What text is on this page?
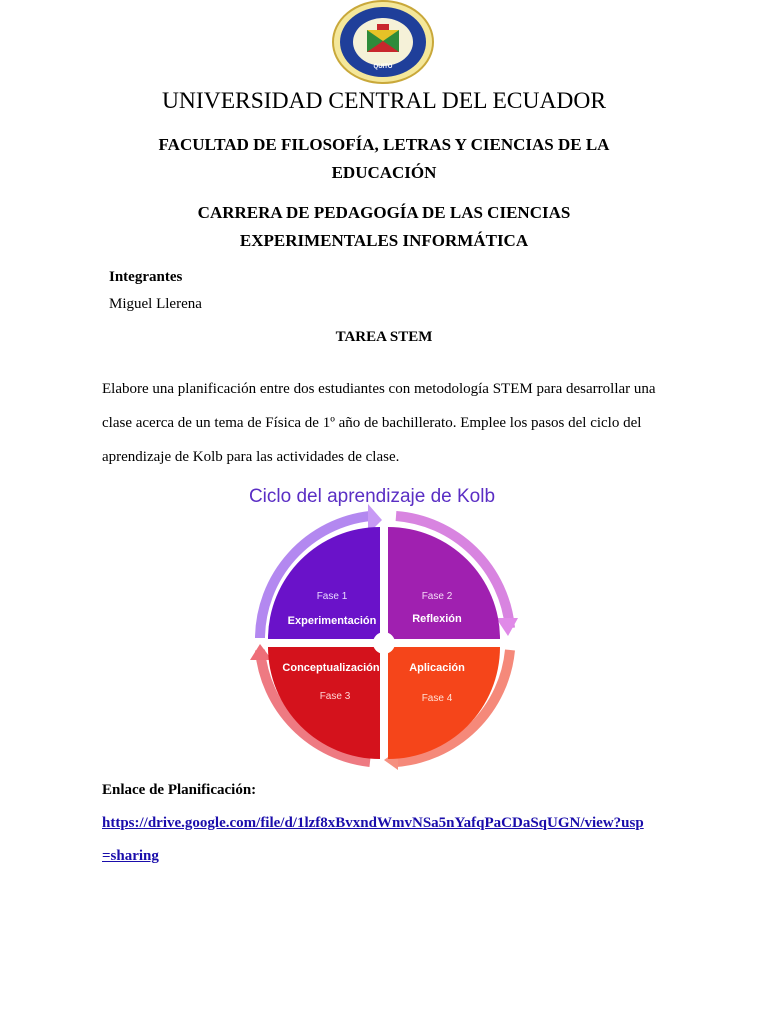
QUITO
UNIVERSIDAD CENTRAL DEL ECUADOR
FACULTAD DE FILOSOFÍA, LETRAS Y CIENCIAS DE LA
EDUCACIÓN
CARRERA DE PEDAGOGÍA DE LAS CIENCIAS
EXPERIMENTALES INFORMÁTICA
Integrantes
Miguel Llerena
TAREA STEM
Elabore una planificación entre dos estudiantes con metodología STEM para desarrollar una
clase acerca de un tema de Física de 1º año de bachillerato. Emplee los pasos del ciclo del
aprendizaje de Kolb para las actividades de clase.
Ciclo del aprendizaje de Kolb
Fase 1
Experimentación
Fase 2
Reflexión
Conceptualización
Fase 3
Aplicación
Fase 4
Enlace de Planificación:
https://drive.google.com/file/d/1lzf8xBvxndWmvNSa5nYafqPaCDaSqUGN/view?usp
=sharing
